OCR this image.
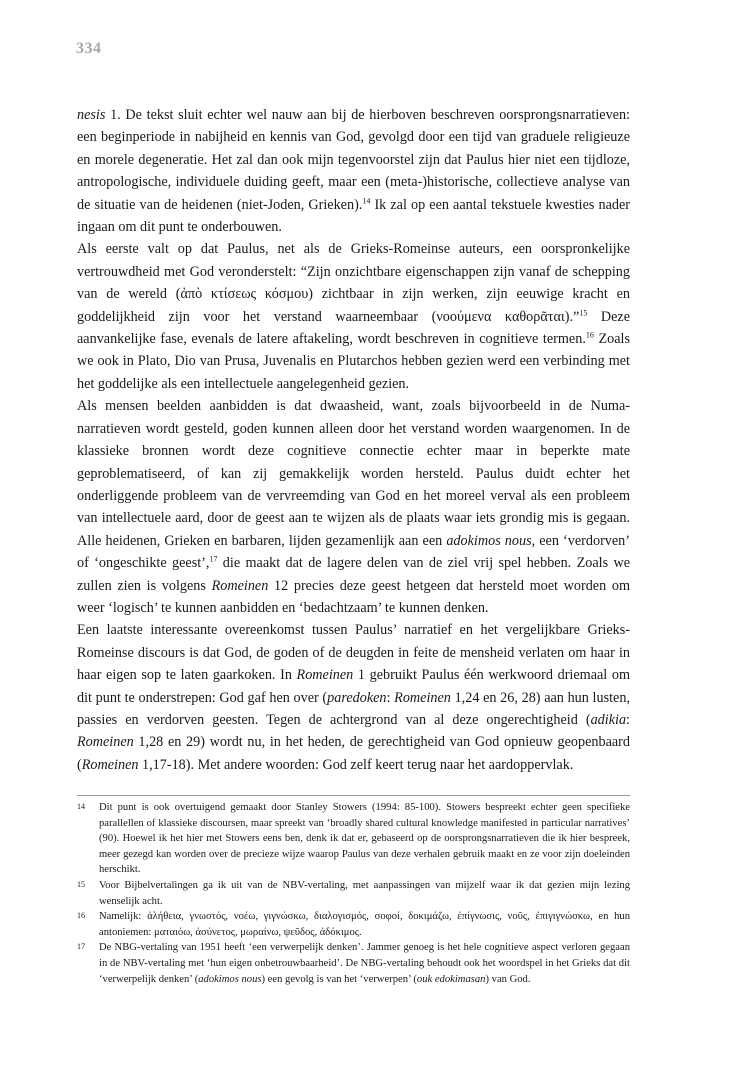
334

nesis 1. De tekst sluit echter wel nauw aan bij de hierboven beschreven oorsprongsnarratieven: een beginperiode in nabijheid en kennis van God, gevolgd door een tijd van graduele religieuze en morele degeneratie. Het zal dan ook mijn tegenvoorstel zijn dat Paulus hier niet een tijdloze, antropologische, individuele duiding geeft, maar een (meta-)historische, collectieve analyse van de situatie van de heidenen (niet-Joden, Grieken).$^{14}$ Ik zal op een aantal tekstuele kwesties nader ingaan om dit punt te onderbouwen.

Als eerste valt op dat Paulus, net als de Grieks-Romeinse auteurs, een oorspronkelijke vertrouwdheid met God veronderstelt: “Zijn onzichtbare eigenschappen zijn vanaf de schepping van de wereld (ἀπὸ κτίσεως κόσμου) zichtbaar in zijn werken, zijn eeuwige kracht en goddelijkheid zijn voor het verstand waarneembaar (νοούμενα καθορᾶται).”$^{15}$ Deze aanvankelijke fase, evenals de latere aftakeling, wordt beschreven in cognitieve termen.$^{16}$ Zoals we ook in Plato, Dio van Prusa, Juvenalis en Plutarchos hebben gezien werd een verbinding met het goddelijke als een intellectuele aangelegenheid gezien.

Als mensen beelden aanbidden is dat dwaasheid, want, zoals bijvoorbeeld in de Numa-narratieven wordt gesteld, goden kunnen alleen door het verstand worden waargenomen. In de klassieke bronnen wordt deze cognitieve connectie echter maar in beperkte mate geproblematiseerd, of kan zij gemakkelijk worden hersteld. Paulus duidt echter het onderliggende probleem van de vervreemding van God en het moreel verval als een probleem van intellectuele aard, door de geest aan te wijzen als de plaats waar iets grondig mis is gegaan. Alle heidenen, Grieken en barbaren, lijden gezamenlijk aan een adokimos nous, een ‘verdorven’ of ‘ongeschikte geest’,$^{17}$ die maakt dat de lagere delen van de ziel vrij spel hebben. Zoals we zullen zien is volgens Romeinen 12 precies deze geest hetgeen dat hersteld moet worden om weer ‘logisch’ te kunnen aanbidden en ‘bedachtzaam’ te kunnen denken.

Een laatste interessante overeenkomst tussen Paulus’ narratief en het vergelijkbare Grieks-Romeinse discours is dat God, de goden of de deugden in feite de mensheid verlaten om haar in haar eigen sop te laten gaarkoken. In Romeinen 1 gebruikt Paulus één werkwoord driemaal om dit punt te onderstrepen: God gaf hen over (paredoken: Romeinen 1,24 en 26, 28) aan hun lusten, passies en verdorven geesten. Tegen de achtergrond van al deze ongerechtigheid (adikia: Romeinen 1,28 en 29) wordt nu, in het heden, de gerechtigheid van God opnieuw geopenbaard (Romeinen 1,17-18). Met andere woorden: God zelf keert terug naar het aardoppervlak.

14	Dit punt is ook overtuigend gemaakt door Stanley Stowers (1994: 85-100). Stowers bespreekt echter geen specifieke parallellen of klassieke discoursen, maar spreekt van ‘broadly shared cultural knowledge manifested in particular narratives’ (90). Hoewel ik het hier met Stowers eens ben, denk ik dat er, gebaseerd op de oorsprongsnarratieven die ik hier bespreek, meer gezegd kan worden over de precieze wijze waarop Paulus van deze verhalen gebruik maakt en ze voor zijn doeleinden herschikt.
15	Voor Bijbelvertalingen ga ik uit van de NBV-vertaling, met aanpassingen van mijzelf waar ik dat gezien mijn lezing wenselijk acht.
16	Namelijk: ἀλήθεια, γνωστός, νοέω, γιγνώσκω, διαλογισμός, σοφοί, δοκιμάζω, ἐπίγνωσις, νοῦς, ἐπιγιγνώσκω, en hun antoniemen: ματαιόω, ἀσύνετος, μωραίνω, ψεῦδος, ἀδόκιμος.
17	De NBG-vertaling van 1951 heeft ‘een verwerpelijk denken’. Jammer genoeg is het hele cognitieve aspect verloren gegaan in de NBV-vertaling met ‘hun eigen onbetrouwbaarheid’. De NBG-vertaling behoudt ook het woordspel in het Grieks dat dit ‘verwerpelijk denken’ (adokimos nous) een gevolg is van het ‘verwerpen’ (ouk edokimasan) van God.
